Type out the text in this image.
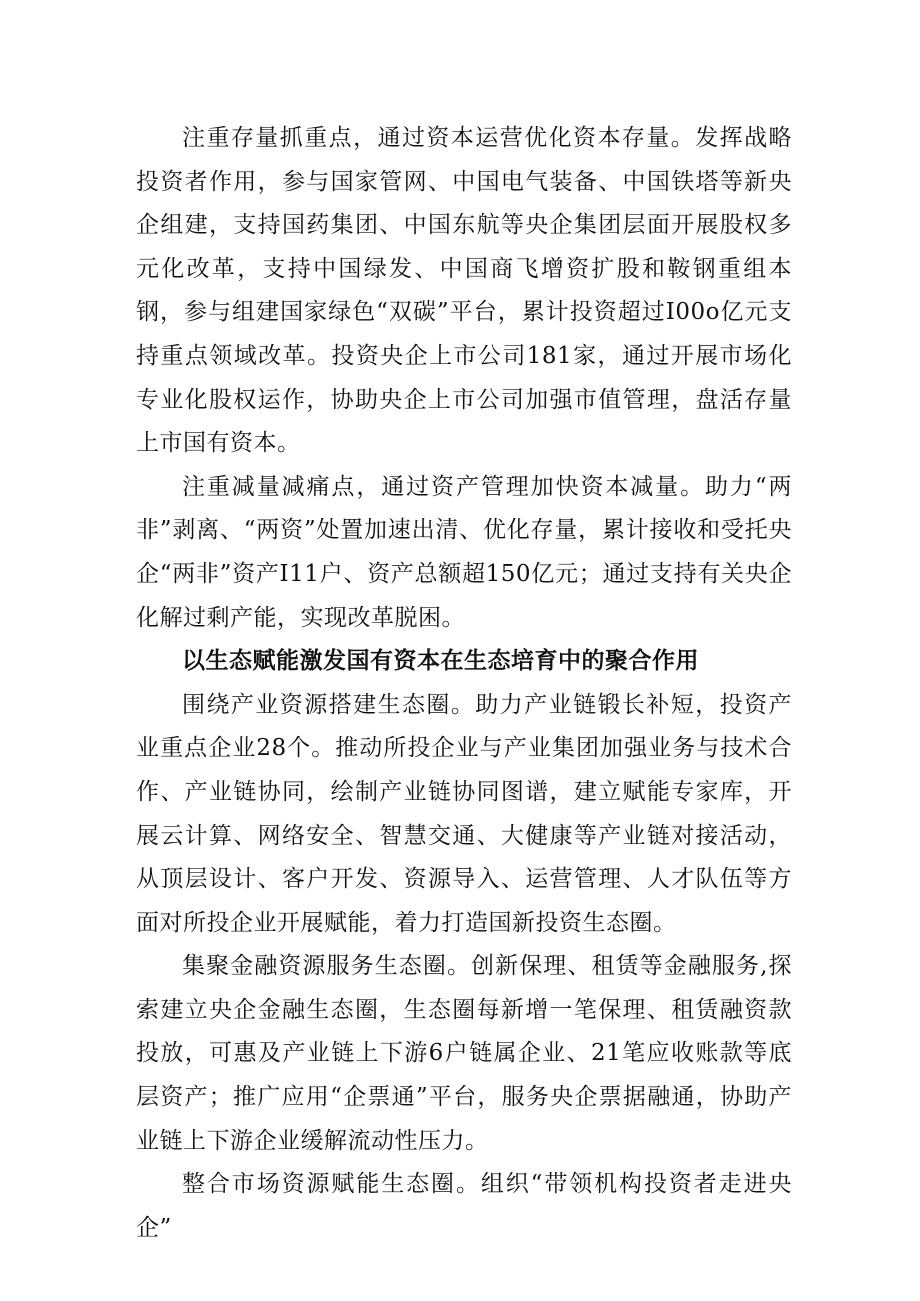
注重存量抓重点，通过资本运营优化资本存量。发挥战略投资者作用，参与国家管网、中国电气装备、中国铁塔等新央企组建，支持国药集团、中国东航等央企集团层面开展股权多元化改革，支持中国绿发、中国商飞增资扩股和鞍钢重组本钢，参与组建国家绿色“双碳”平台，累计投资超过I00o亿元支持重点领域改革。投资央企上市公司181家，通过开展市场化专业化股权运作，协助央企上市公司加强市值管理，盘活存量上市国有资本。

注重减量减痛点，通过资产管理加快资本减量。助力“两非”剥离、“两资”处置加速出清、优化存量，累计接收和受托央企“两非”资产I11户、资产总额超150亿元；通过支持有关央企化解过剩产能，实现改革脱困。

以生态赋能激发国有资本在生态培育中的聚合作用

围绕产业资源搭建生态圈。助力产业链锻长补短，投资产业重点企业28个。推动所投企业与产业集团加强业务与技术合作、产业链协同，绘制产业链协同图谱，建立赋能专家库，开展云计算、网络安全、智慧交通、大健康等产业链对接活动，从顶层设计、客户开发、资源导入、运营管理、人才队伍等方面对所投企业开展赋能，着力打造国新投资生态圈。

集聚金融资源服务生态圈。创新保理、租赁等金融服务,探索建立央企金融生态圈，生态圈每新增一笔保理、租赁融资款投放，可惠及产业链上下游6户链属企业、21笔应收账款等底层资产；推广应用“企票通”平台，服务央企票据融通，协助产业链上下游企业缓解流动性压力。

整合市场资源赋能生态圈。组织“带领机构投资者走进央企”
